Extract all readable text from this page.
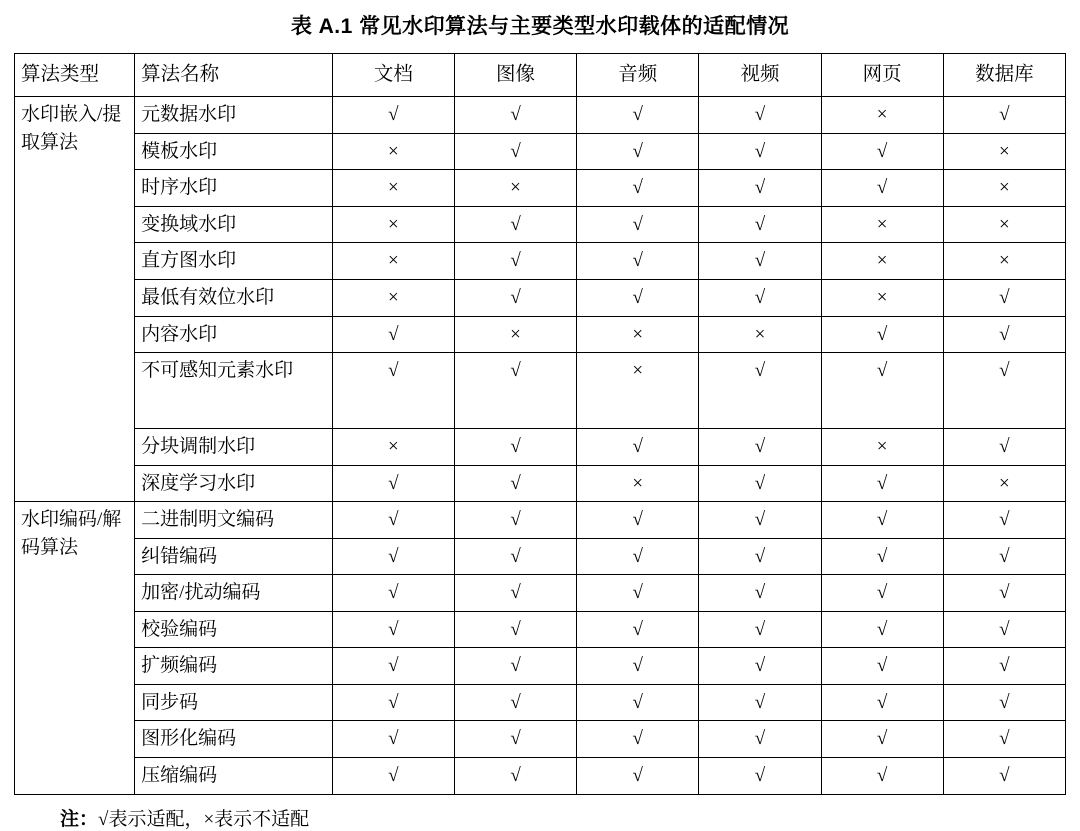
表 A.1 常见水印算法与主要类型水印载体的适配情况
算法类型	算法名称	文档	图像	音频	视频	网页	数据库
水印嵌入/提取算法	元数据水印	√	√	√	√	×	√
	模板水印	×	√	√	√	√	×
	时序水印	×	×	√	√	√	×
	变换域水印	×	√	√	√	×	×
	直方图水印	×	√	√	√	×	×
	最低有效位水印	×	√	√	√	×	√
	内容水印	√	×	×	×	√	√
	不可感知元素水印	√	√	×	√	√	√
	分块调制水印	×	√	√	√	×	√
	深度学习水印	√	√	×	√	√	×
水印编码/解码算法	二进制明文编码	√	√	√	√	√	√
	纠错编码	√	√	√	√	√	√
	加密/扰动编码	√	√	√	√	√	√
	校验编码	√	√	√	√	√	√
	扩频编码	√	√	√	√	√	√
	同步码	√	√	√	√	√	√
	图形化编码	√	√	√	√	√	√
	压缩编码	√	√	√	√	√	√
注：√表示适配，×表示不适配
